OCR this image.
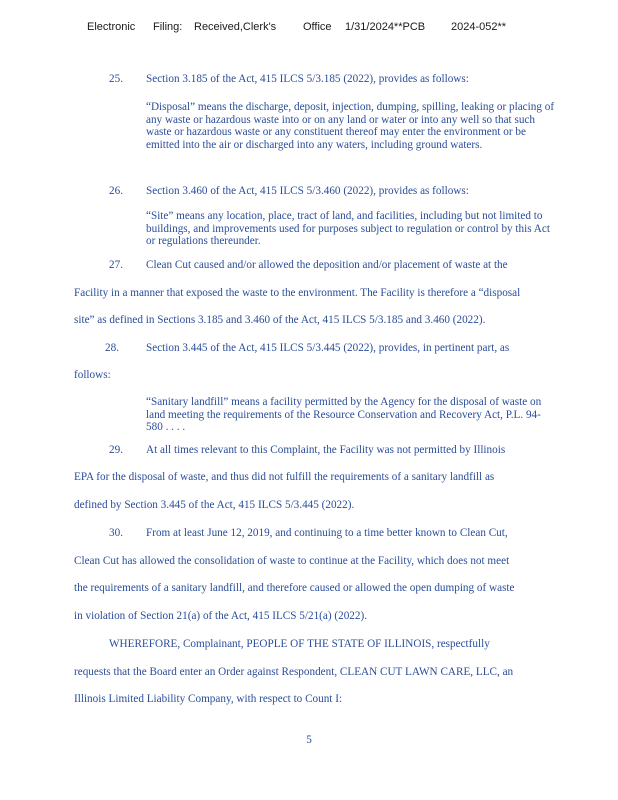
Electronic Filing: Received,Clerk's Office 1/31/2024**PCB 2024-052**
25. Section 3.185 of the Act, 415 ILCS 5/3.185 (2022), provides as follows:
“Disposal” means the discharge, deposit, injection, dumping, spilling, leaking or placing of any waste or hazardous waste into or on any land or water or into any well so that such waste or hazardous waste or any constituent thereof may enter the environment or be emitted into the air or discharged into any waters, including ground waters.
26. Section 3.460 of the Act, 415 ILCS 5/3.460 (2022), provides as follows:
“Site” means any location, place, tract of land, and facilities, including but not limited to buildings, and improvements used for purposes subject to regulation or control by this Act or regulations thereunder.
27. Clean Cut caused and/or allowed the deposition and/or placement of waste at the
Facility in a manner that exposed the waste to the environment. The Facility is therefore a “disposal
site” as defined in Sections 3.185 and 3.460 of the Act, 415 ILCS 5/3.185 and 3.460 (2022).
28. Section 3.445 of the Act, 415 ILCS 5/3.445 (2022), provides, in pertinent part, as
follows:
“Sanitary landfill” means a facility permitted by the Agency for the disposal of waste on land meeting the requirements of the Resource Conservation and Recovery Act, P.L. 94-580 . . . .
29. At all times relevant to this Complaint, the Facility was not permitted by Illinois
EPA for the disposal of waste, and thus did not fulfill the requirements of a sanitary landfill as
defined by Section 3.445 of the Act, 415 ILCS 5/3.445 (2022).
30. From at least June 12, 2019, and continuing to a time better known to Clean Cut,
Clean Cut has allowed the consolidation of waste to continue at the Facility, which does not meet
the requirements of a sanitary landfill, and therefore caused or allowed the open dumping of waste
in violation of Section 21(a) of the Act, 415 ILCS 5/21(a) (2022).
WHEREFORE, Complainant, PEOPLE OF THE STATE OF ILLINOIS, respectfully
requests that the Board enter an Order against Respondent, CLEAN CUT LAWN CARE, LLC, an
Illinois Limited Liability Company, with respect to Count I:
5
